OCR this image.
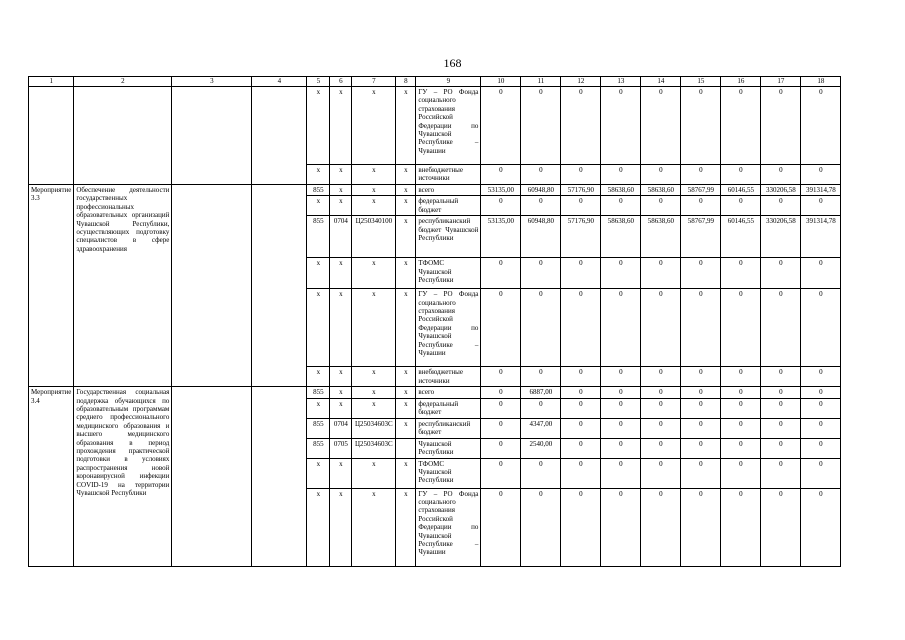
168
1	2	3	4	5	6	7	8	9	10	11	12	13	14	15	16	17	18
				х	х	х	х	ГУ – РО Фонда социального страхования Российской Федерации по Чувашской Республике – Чувашии	0	0	0	0	0	0	0	0	0
				х	х	х	х	внебюджетные источники	0	0	0	0	0	0	0	0	0
Мероприятие 3.3	Обеспечение деятельности государственных профессиональных образовательных организаций Чувашской Республики, осуществляющих подготовку специалистов в сфере здравоохранения			855	х	х	х	всего	53135,00	60948,80	57176,90	58638,60	58638,60	58767,99	60146,55	330206,58	391314,78
				х	х	х	х	федеральный бюджет	0	0	0	0	0	0	0	0	0
				855	0704	Ц250340100	х	республиканский бюджет Чувашской Республики	53135,00	60948,80	57176,90	58638,60	58638,60	58767,99	60146,55	330206,58	391314,78
				х	х	х	х	ТФОМС Чувашской Республики	0	0	0	0	0	0	0	0	0
				х	х	х	х	ГУ – РО Фонда социального страхования Российской Федерации по Чувашской Республике – Чувашии	0	0	0	0	0	0	0	0	0
				х	х	х	х	внебюджетные источники	0	0	0	0	0	0	0	0	0
Мероприятие 3.4	Государственная социальная поддержка обучающихся по образовательным программам среднего профессионального медицинского образования и высшего медицинского образования в период прохождения практической подготовки в условиях распространения новой коронавирусной инфекции COVID-19 на территории Чувашской Республики			855	х	х	х	всего	0	6887,00	0	0	0	0	0	0	0
				х	х	х	х	федеральный бюджет	0	0	0	0	0	0	0	0	0
				855	0704	Ц25034603С	х	республиканский бюджет	0	4347,00	0	0	0	0	0	0	0
				855	0705	Ц25034603С		Чувашской Республики	0	2540,00	0	0	0	0	0	0	0
				х	х	х	х	ТФОМС Чувашской Республики	0	0	0	0	0	0	0	0	0
				х	х	х	х	ГУ – РО Фонда социального страхования Российской Федерации по Чувашской Республике – Чувашии	0	0	0	0	0	0	0	0	0
